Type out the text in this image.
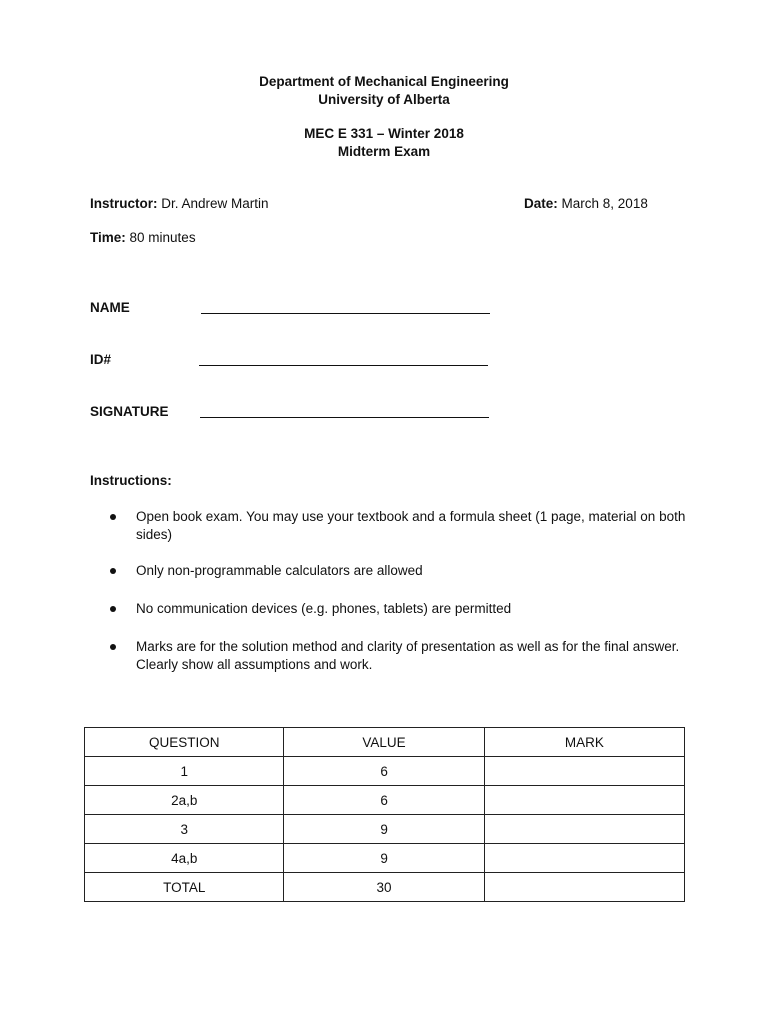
Department of Mechanical Engineering
University of Alberta
MEC E 331 – Winter 2018
Midterm Exam
Instructor: Dr. Andrew Martin	Date: March 8, 2018
Time: 80 minutes
NAME
ID#
SIGNATURE
Instructions:
Open book exam. You may use your textbook and a formula sheet (1 page, material on both sides)
Only non-programmable calculators are allowed
No communication devices (e.g. phones, tablets) are permitted
Marks are for the solution method and clarity of presentation as well as for the final answer. Clearly show all assumptions and work.
QUESTION	VALUE	MARK
1	6	
2a,b	6	
3	9	
4a,b	9	
TOTAL	30	
